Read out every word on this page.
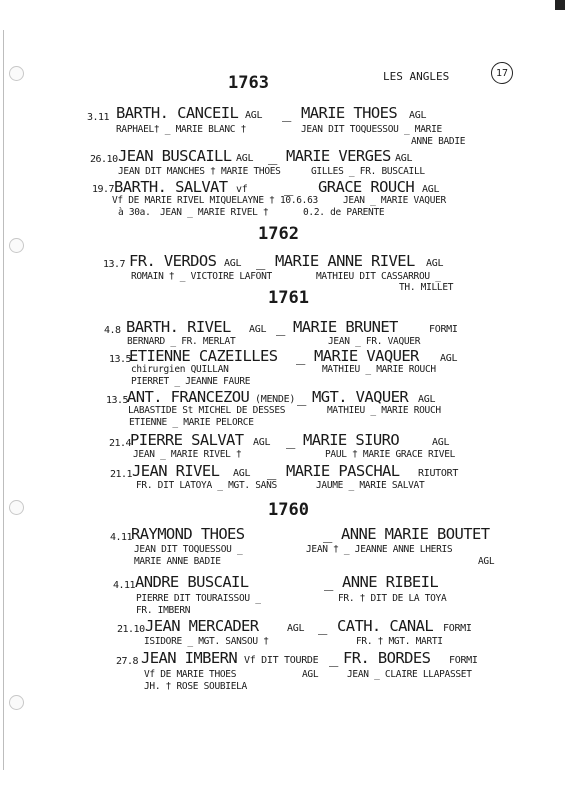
LES ANGLES	17
1763
1762
1761
1760
3.11 BARTH. CANCEIL AGL _ MARIE THOES AGL
RAPHAEL† _ MARIE BLANC †	JEAN DIT TOQUESSOU _ MARIE
ANNE BADIE
26.10 JEAN BUSCAILL AGL _ MARIE VERGES AGL
JEAN DIT MANCHES † MARIE THOES	GILLES _ FR. BUSCAILL
19.7 BARTH. SALVAT vf _ GRACE ROUCH AGL
Vf DE MARIE RIVEL MIQUELAYNE † 10.6.63	JEAN _ MARIE VAQUER
à 30a. JEAN _ MARIE RIVEL †	0.2. de PARENTE
13.7 FR. VERDOS AGL _ MARIE ANNE RIVEL AGL
ROMAIN † _ VICTOIRE LAFONT	MATHIEU DIT CASSARROU _
TH. MILLET
4.8 BARTH. RIVEL AGL _ MARIE BRUNET	FORMI
BERNARD _ FR. MERLAT	JEAN _ FR. VAQUER
13.5
ETIENNE CAZEILLES _ MARIE VAQUER AGL
chirurgien QUILLAN	MATHIEU _ MARIE ROUCH
PIERRET _ JEANNE FAURE
13.5
ANT. FRANCEZOU (MENDE) _ MGT. VAQUER AGL
LABASTIDE St MICHEL DE DESSES	MATHIEU _ MARIE ROUCH
ETIENNE _ MARIE PELORCE
21.4
PIERRE SALVAT AGL _ MARIE SIURO	AGL
JEAN _ MARIE RIVEL †	PAUL † MARIE GRACE RIVEL
21.1 JEAN RIVEL AGL _ MARIE PASCHAL RIUTORT
FR. DIT LATOYA _ MGT. SANS	JAUME _ MARIE SALVAT
4.11
RAYMOND THOES	_ ANNE MARIE BOUTET
JEAN DIT TOQUESSOU _	JEAN † _ JEANNE ANNE LHERIS
MARIE ANNE BADIE	AGL
4.11 ANDRE BUSCAIL	_ ANNE RIBEIL
PIERRE DIT TOURAISSOU _	FR. † DIT DE LA TOYA
FR. IMBERN
21.10 JEAN MERCADER	AGL _ CATH. CANAL FORMI
ISIDORE _ MGT. SANSOU †	FR. † MGT. MARTI
27.8 JEAN IMBERN Vf DIT TOURDE _ FR. BORDES FORMI
Vf DE MARIE THOES	AGL	JEAN _ CLAIRE LLAPASSET
JH. † ROSE SOUBIELA
